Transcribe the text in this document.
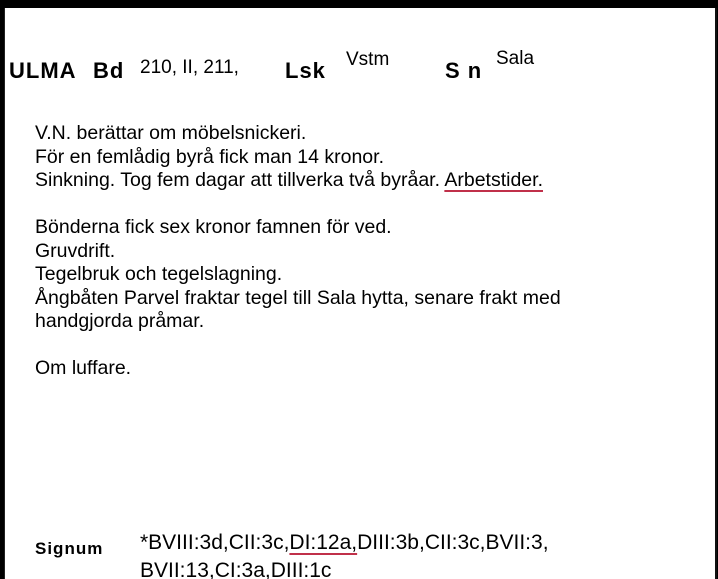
ULMA Bd 210, II, 211, Lsk Vstm	S n Sala
V.N. berättar om möbelsnickeri.
För en femlådig byrå fick man 14 kronor.
Sinkning. Tog fem dagar att tillverka två byråar. Arbetstider.
Bönderna fick sex kronor famnen för ved.
Gruvdrift.
Tegelbruk och tegelslagning.
Ångbåten Parvel fraktar tegel till Sala hytta, senare frakt med
handgjorda pråmar.
Om luffare.
Signum *BVIII:3d,CII:3c,DI:12a,DIII:3b,CII:3c,BVII:3,
BVII:13,CI:3a,DIII:1c
